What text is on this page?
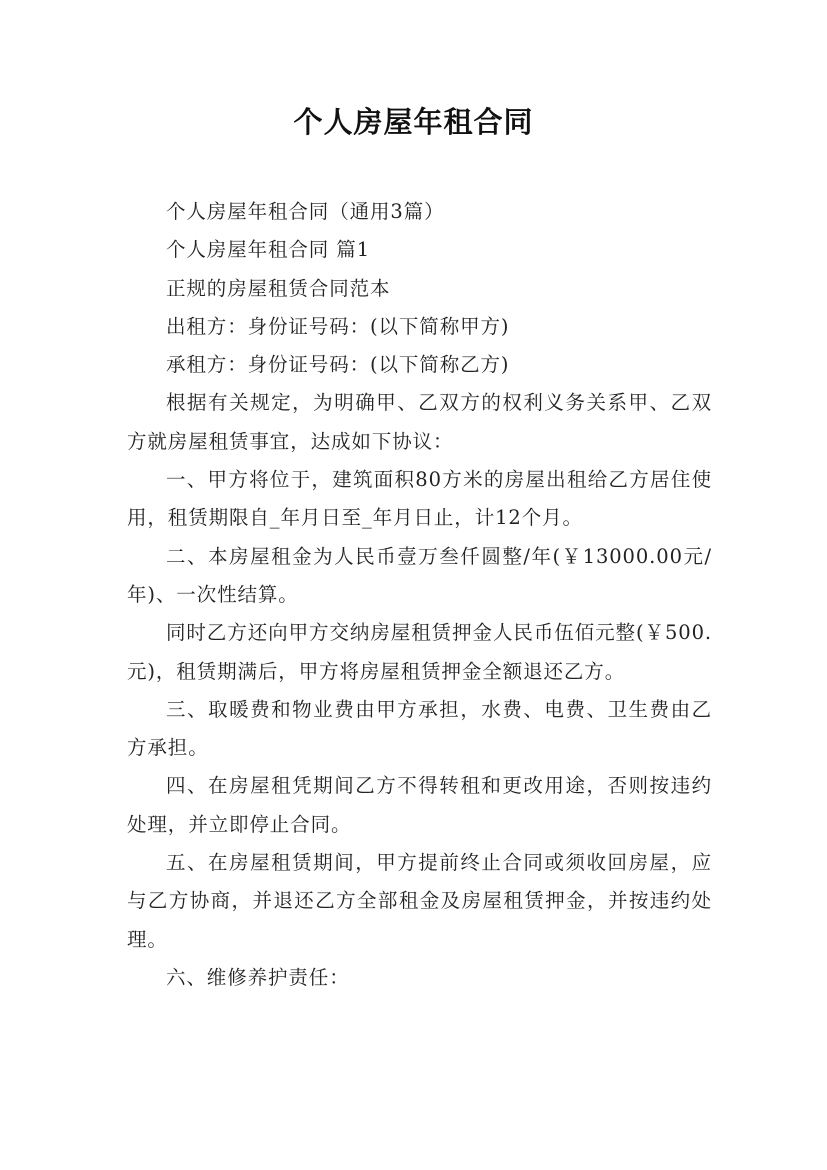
个人房屋年租合同

个人房屋年租合同（通用3篇）

个人房屋年租合同 篇1

正规的房屋租赁合同范本

出租方：身份证号码：(以下简称甲方)

承租方：身份证号码：(以下简称乙方)

根据有关规定，为明确甲、乙双方的权利义务关系甲、乙双方就房屋租赁事宜，达成如下协议：

一、甲方将位于，建筑面积80方米的房屋出租给乙方居住使用，租赁期限自_年月日至_年月日止，计12个月。

二、本房屋租金为人民币壹万叁仟圆整/年(￥13000.00元/年)、一次性结算。

同时乙方还向甲方交纳房屋租赁押金人民币伍佰元整(￥500.元)，租赁期满后，甲方将房屋租赁押金全额退还乙方。

三、取暖费和物业费由甲方承担，水费、电费、卫生费由乙方承担。

四、在房屋租凭期间乙方不得转租和更改用途，否则按违约处理，并立即停止合同。

五、在房屋租赁期间，甲方提前终止合同或须收回房屋，应与乙方协商，并退还乙方全部租金及房屋租赁押金，并按违约处理。

六、维修养护责任：
